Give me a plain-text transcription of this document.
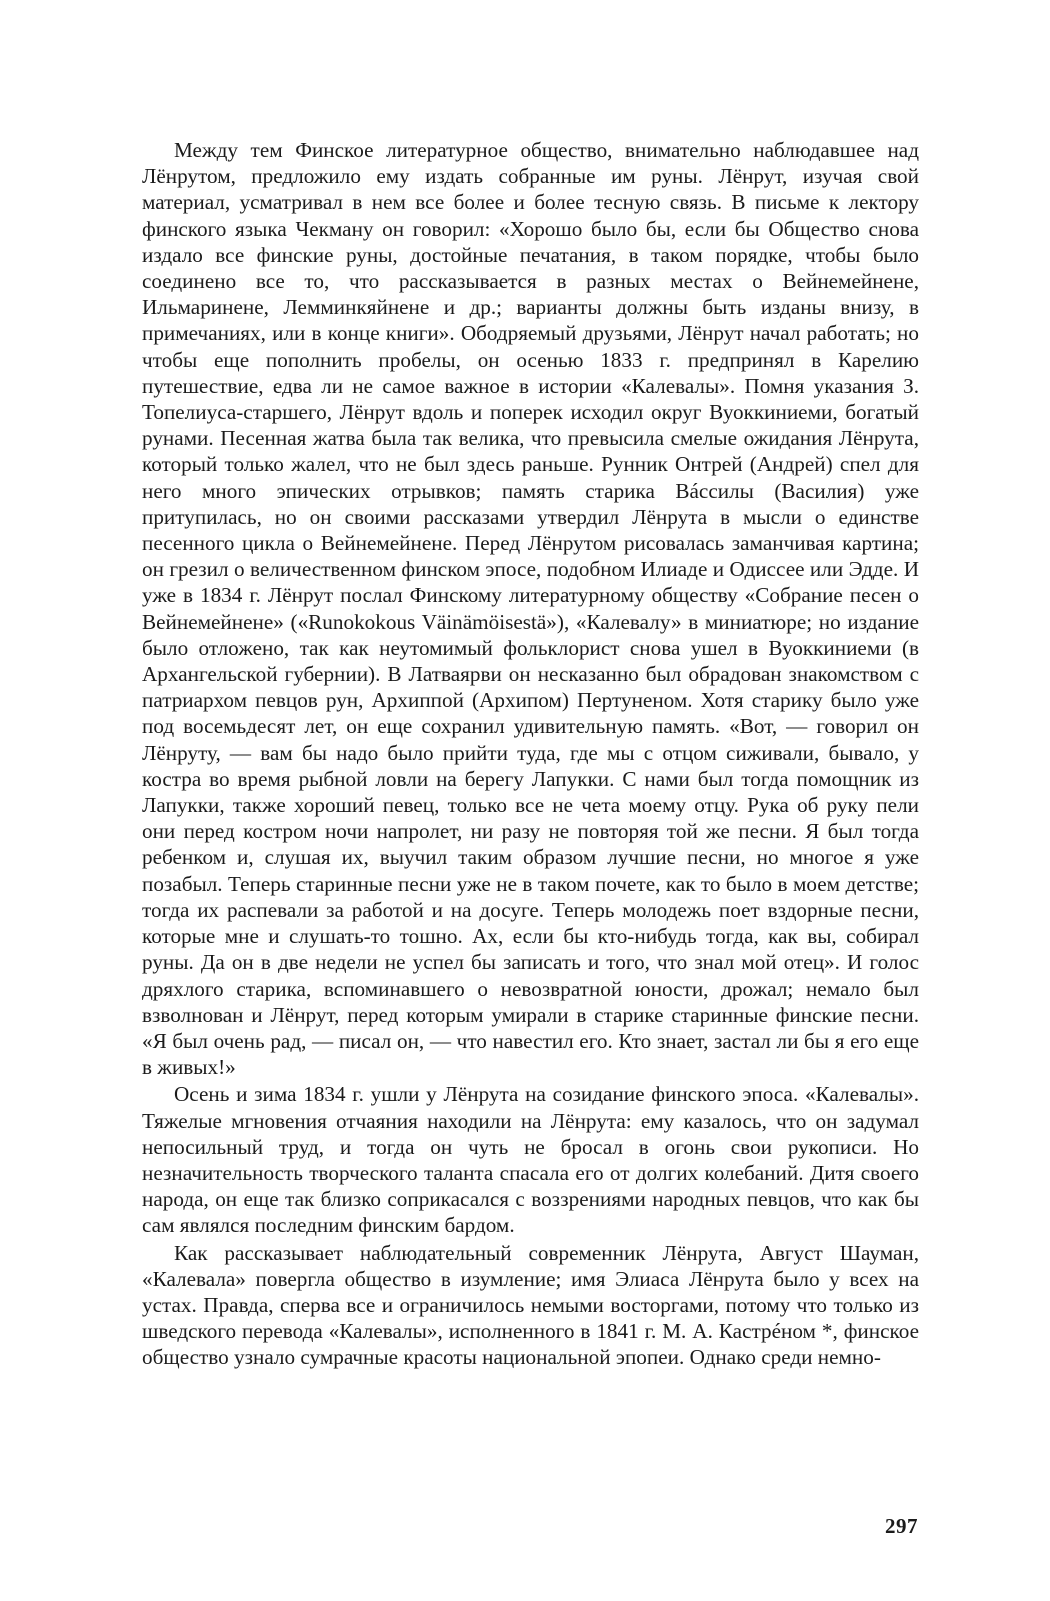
Между тем Финское литературное общество, внимательно наблюдавшее над Лёнрутом, предложило ему издать собранные им руны. Лёнрут, изучая свой материал, усматривал в нем все более и более тесную связь. В письме к лектору финского языка Чекману он говорил: «Хорошо было бы, если бы Общество снова издало все финские руны, достойные печатания, в таком порядке, чтобы было соединено все то, что рассказывается в разных местах о Вейнемейнене, Ильмаринене, Лемминкяйнене и др.; варианты должны быть изданы внизу, в примечаниях, или в конце книги». Ободряемый друзьями, Лёнрут начал работать; но чтобы еще пополнить пробелы, он осенью 1833 г. предпринял в Карелию путешествие, едва ли не самое важное в истории «Калевалы». Помня указания З. Топелиуса-старшего, Лёнрут вдоль и поперек исходил округ Вуоккиниеми, богатый рунами. Песенная жатва была так велика, что превысила смелые ожидания Лёнрута, который только жалел, что не был здесь раньше. Рунник Онтрей (Андрей) спел для него много эпических отрывков; память старика Вáссилы (Василия) уже притупилась, но он своими рассказами утвердил Лёнрута в мысли о единстве песенного цикла о Вейнемейнене. Перед Лёнрутом рисовалась заманчивая картина; он грезил о величественном финском эпосе, подобном Илиаде и Одиссее или Эдде. И уже в 1834 г. Лёнрут послал Финскому литературному обществу «Собрание песен о Вейнемейнене» («Runokokous Väinämöisestä»), «Калевалу» в миниатюре; но издание было отложено, так как неутомимый фольклорист снова ушел в Вуоккиниеми (в Архангельской губернии). В Латваярви он несказанно был обрадован знакомством с патриархом певцов рун, Архиппой (Архипом) Пертуненом. Хотя старику было уже под восемьдесят лет, он еще сохранил удивительную память. «Вот, — говорил он Лёнруту, — вам бы надо было прийти туда, где мы с отцом сиживали, бывало, у костра во время рыбной ловли на берегу Лапукки. С нами был тогда помощник из Лапукки, также хороший певец, только все не чета моему отцу. Рука об руку пели они перед костром ночи напролет, ни разу не повторяя той же песни. Я был тогда ребенком и, слушая их, выучил таким образом лучшие песни, но многое я уже позабыл. Теперь старинные песни уже не в таком почете, как то было в моем детстве; тогда их распевали за работой и на досуге. Теперь молодежь поет вздорные песни, которые мне и слушать-то тошно. Ах, если бы кто-нибудь тогда, как вы, собирал руны. Да он в две недели не успел бы записать и того, что знал мой отец». И голос дряхлого старика, вспоминавшего о невозвратной юности, дрожал; немало был взволнован и Лёнрут, перед которым умирали в старике старинные финские песни. «Я был очень рад, — писал он, — что навестил его. Кто знает, застал ли бы я его еще в живых!»

Осень и зима 1834 г. ушли у Лёнрута на созидание финского эпоса. «Калевалы». Тяжелые мгновения отчаяния находили на Лёнрута: ему казалось, что он задумал непосильный труд, и тогда он чуть не бросал в огонь свои рукописи. Но незначительность творческого таланта спасала его от долгих колебаний. Дитя своего народа, он еще так близко соприкасался с воззрениями народных певцов, что как бы сам являлся последним финским бардом.

Как рассказывает наблюдательный современник Лёнрута, Август Шауман, «Калевала» повергла общество в изумление; имя Элиаса Лёнрута было у всех на устах. Правда, сперва все и ограничилось немыми восторгами, потому что только из шведского перевода «Калевалы», исполненного в 1841 г. М. А. Кастрéном *, финское общество узнало сумрачные красоты национальной эпопеи. Однако среди немно-

297
